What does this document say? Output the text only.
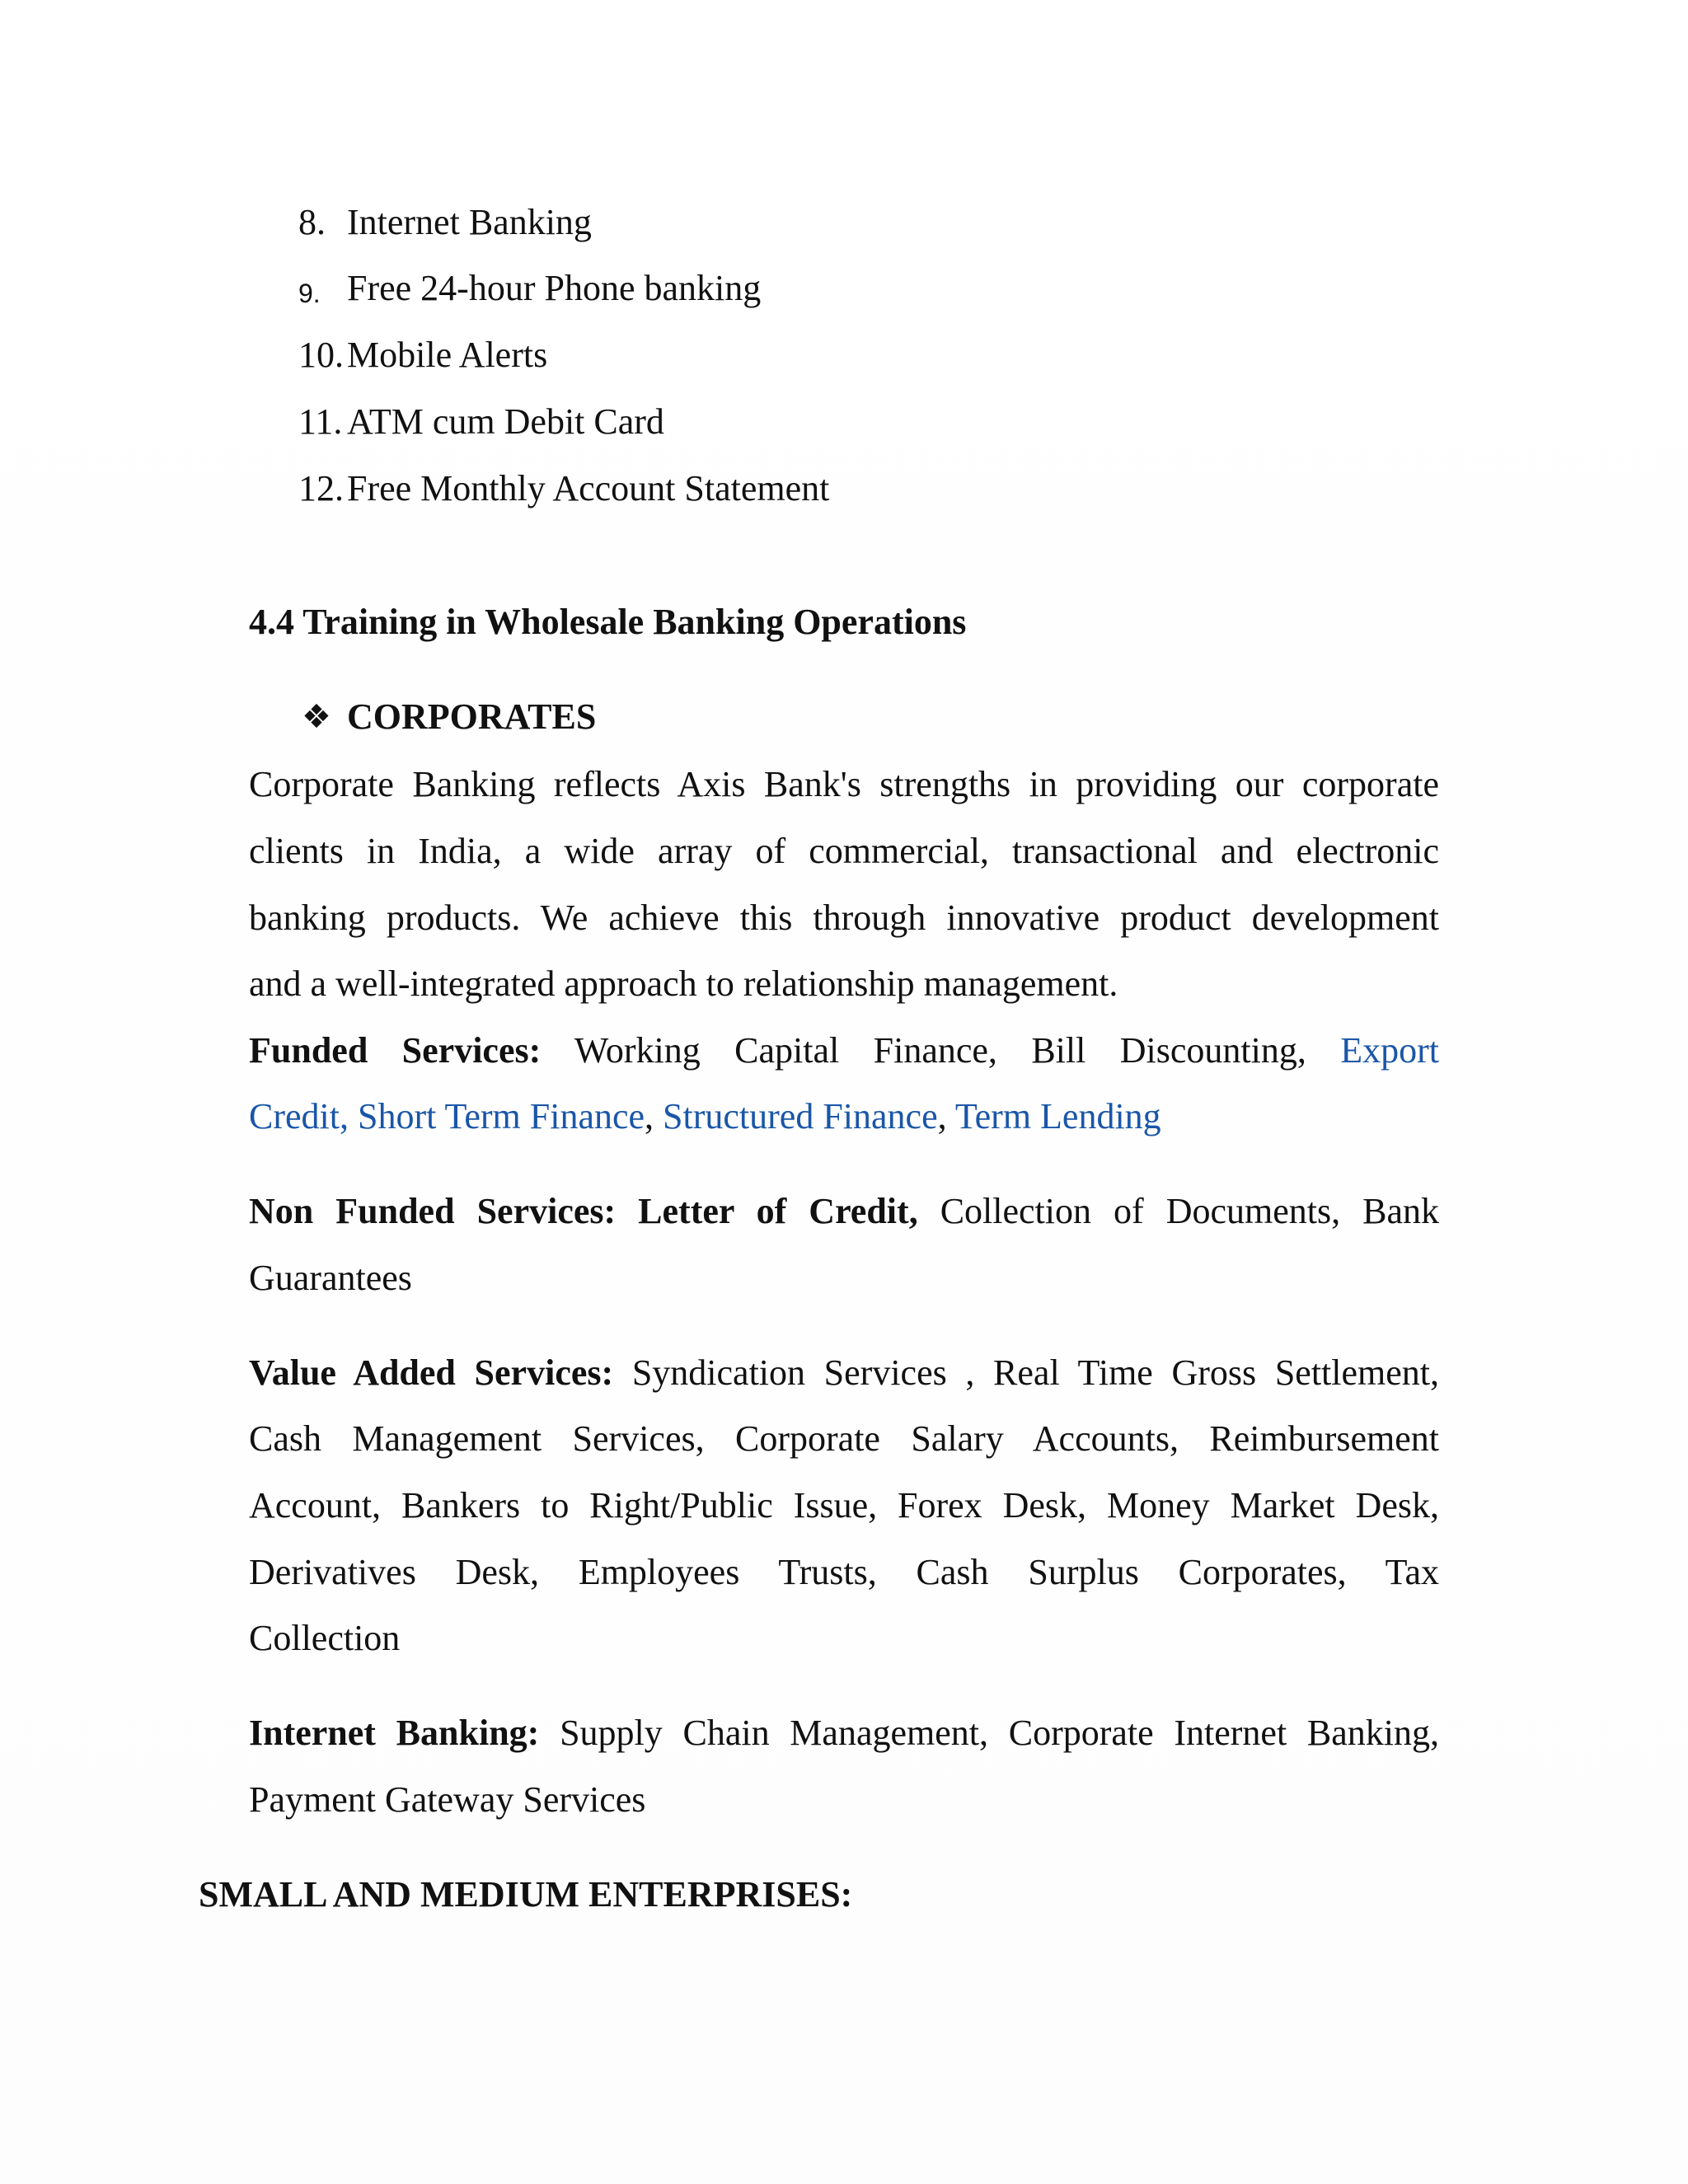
8. Internet Banking
9. Free 24-hour Phone banking
10. Mobile Alerts
11. ATM cum Debit Card
12. Free Monthly Account Statement
4.4 Training in Wholesale Banking Operations
❖ CORPORATES
Corporate Banking reflects Axis Bank's strengths in providing our corporate
clients in India, a wide array of commercial, transactional and electronic
banking products. We achieve this through innovative product development
and a well-integrated approach to relationship management.
Funded Services: Working Capital Finance, Bill Discounting, Export
Credit, Short Term Finance, Structured Finance, Term Lending
Non Funded Services: Letter of Credit, Collection of Documents, Bank
Guarantees
Value Added Services: Syndication Services , Real Time Gross Settlement,
Cash Management Services, Corporate Salary Accounts, Reimbursement
Account, Bankers to Right/Public Issue, Forex Desk, Money Market Desk,
Derivatives Desk, Employees Trusts, Cash Surplus Corporates, Tax
Collection
Internet Banking: Supply Chain Management, Corporate Internet Banking,
Payment Gateway Services
SMALL AND MEDIUM ENTERPRISES:
